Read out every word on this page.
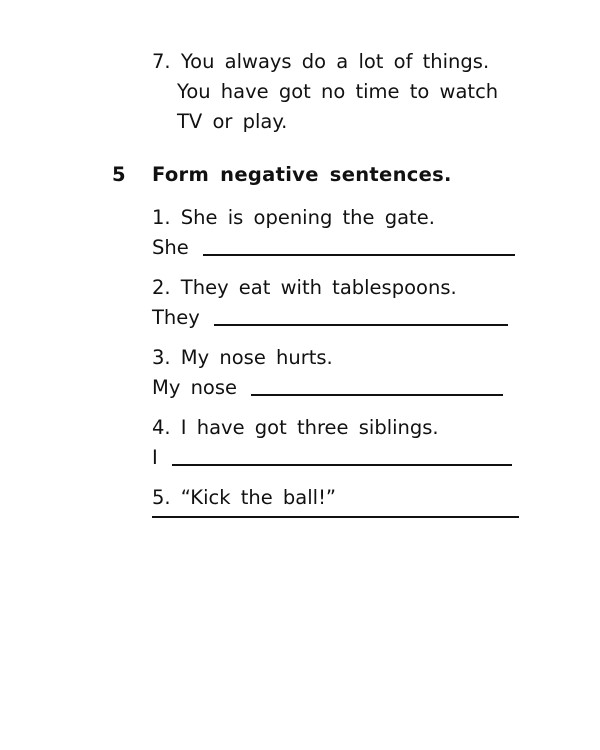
7. You always do a lot of things.
You have got no time to watch
TV or play.
5 Form negative sentences.
1. She is opening the gate.
She
2. They eat with tablespoons.
They
3. My nose hurts.
My nose
4. I have got three siblings.
I
5. “Kick the ball!”
